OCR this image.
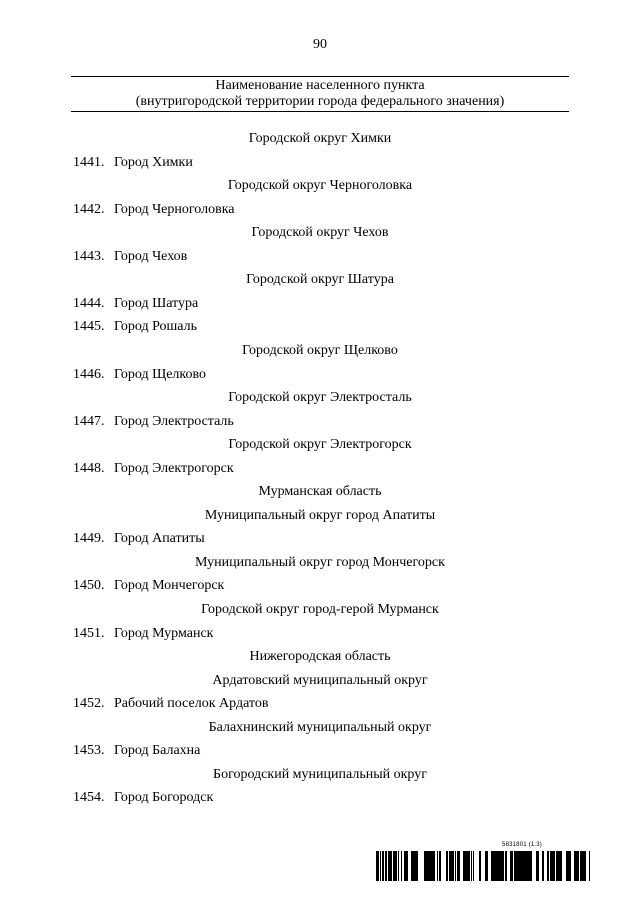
90
Наименование населенного пункта
(внутригородской территории города федерального значения)
Городской округ Химки
1441. Город Химки
Городской округ Черноголовка
1442. Город Черноголовка
Городской округ Чехов
1443. Город Чехов
Городской округ Шатура
1444. Город Шатура
1445. Город Рошаль
Городской округ Щелково
1446. Город Щелково
Городской округ Электросталь
1447. Город Электросталь
Городской округ Электрогорск
1448. Город Электрогорск
Мурманская область
Муниципальный округ город Апатиты
1449. Город Апатиты
Муниципальный округ город Мончегорск
1450. Город Мончегорск
Городской округ город-герой Мурманск
1451. Город Мурманск
Нижегородская область
Ардатовский муниципальный округ
1452. Рабочий поселок Ардатов
Балахнинский муниципальный округ
1453. Город Балахна
Богородский муниципальный округ
1454. Город Богородск
5831801 (1.3)
